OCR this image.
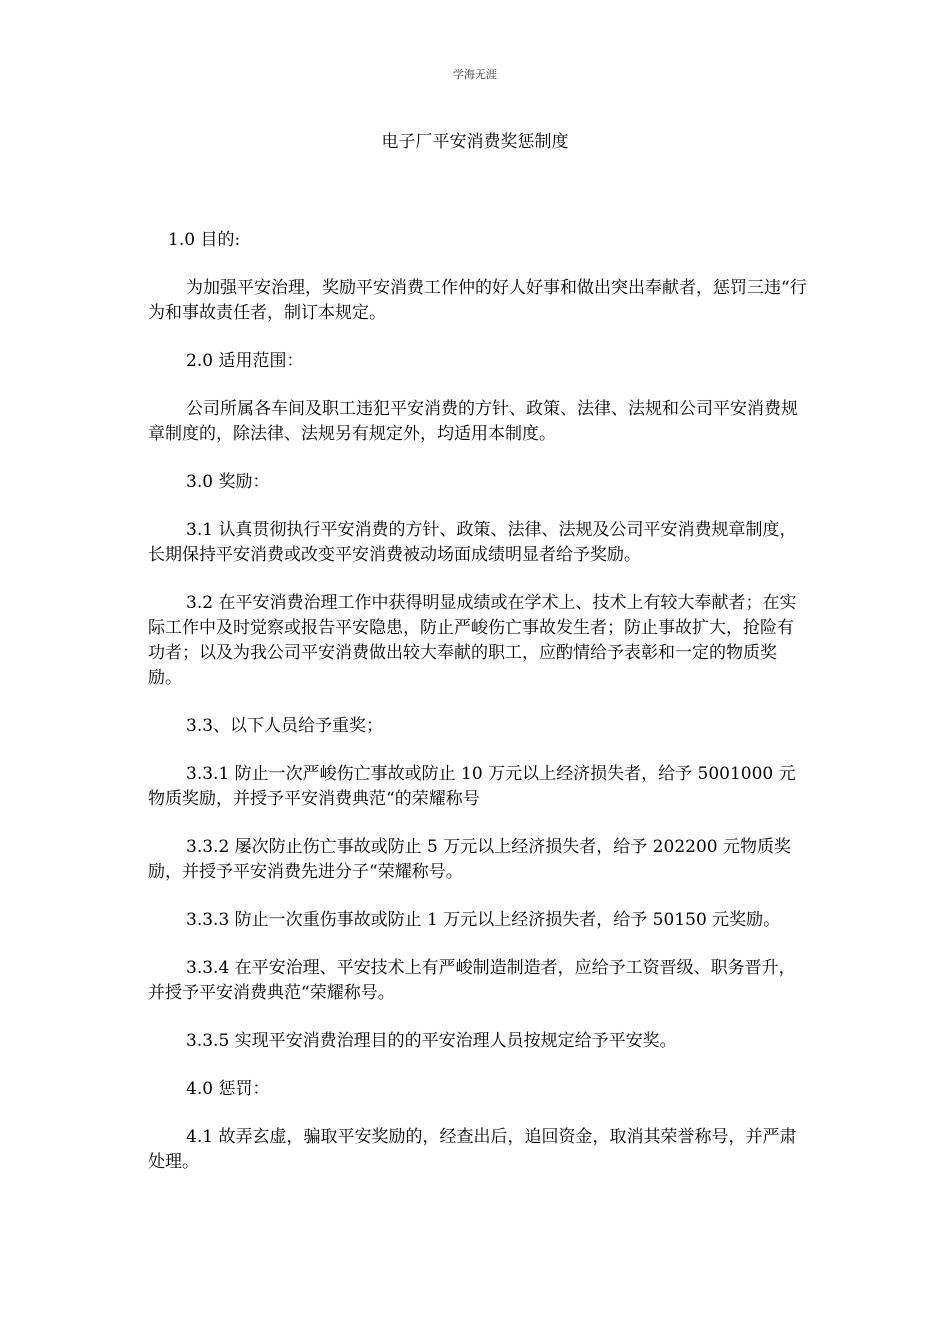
学海无涯
电子厂平安消费奖惩制度

1.0 目的:

为加强平安治理，奖励平安消费工作仲的好人好事和做出突出奉献者，惩罚三违“行为和事故责任者，制订本规定。

2.0 适用范围：

公司所属各车间及职工违犯平安消费的方针、政策、法律、法规和公司平安消费规章制度的，除法律、法规另有规定外，均适用本制度。

3.0 奖励：

3.1 认真贯彻执行平安消费的方针、政策、法律、法规及公司平安消费规章制度，长期保持平安消费或改变平安消费被动场面成绩明显者给予奖励。

3.2 在平安消费治理工作中获得明显成绩或在学术上、技术上有较大奉献者；在实际工作中及时觉察或报告平安隐患，防止严峻伤亡事故发生者；防止事故扩大，抢险有功者；以及为我公司平安消费做出较大奉献的职工，应酌情给予表彰和一定的物质奖励。

3.3、以下人员给予重奖；

3.3.1 防止一次严峻伤亡事故或防止 10 万元以上经济损失者，给予 5001000 元物质奖励，并授予平安消费典范“的荣耀称号

3.3.2 屡次防止伤亡事故或防止 5 万元以上经济损失者，给予 202200 元物质奖励，并授予平安消费先进分子“荣耀称号。

3.3.3 防止一次重伤事故或防止 1 万元以上经济损失者，给予 50150 元奖励。

3.3.4 在平安治理、平安技术上有严峻制造制造者，应给予工资晋级、职务晋升，并授予平安消费典范“荣耀称号。

3.3.5 实现平安消费治理目的的平安治理人员按规定给予平安奖。

4.0 惩罚：

4.1 故弄玄虚，骗取平安奖励的，经查出后，追回资金，取消其荣誉称号，并严肃处理。
